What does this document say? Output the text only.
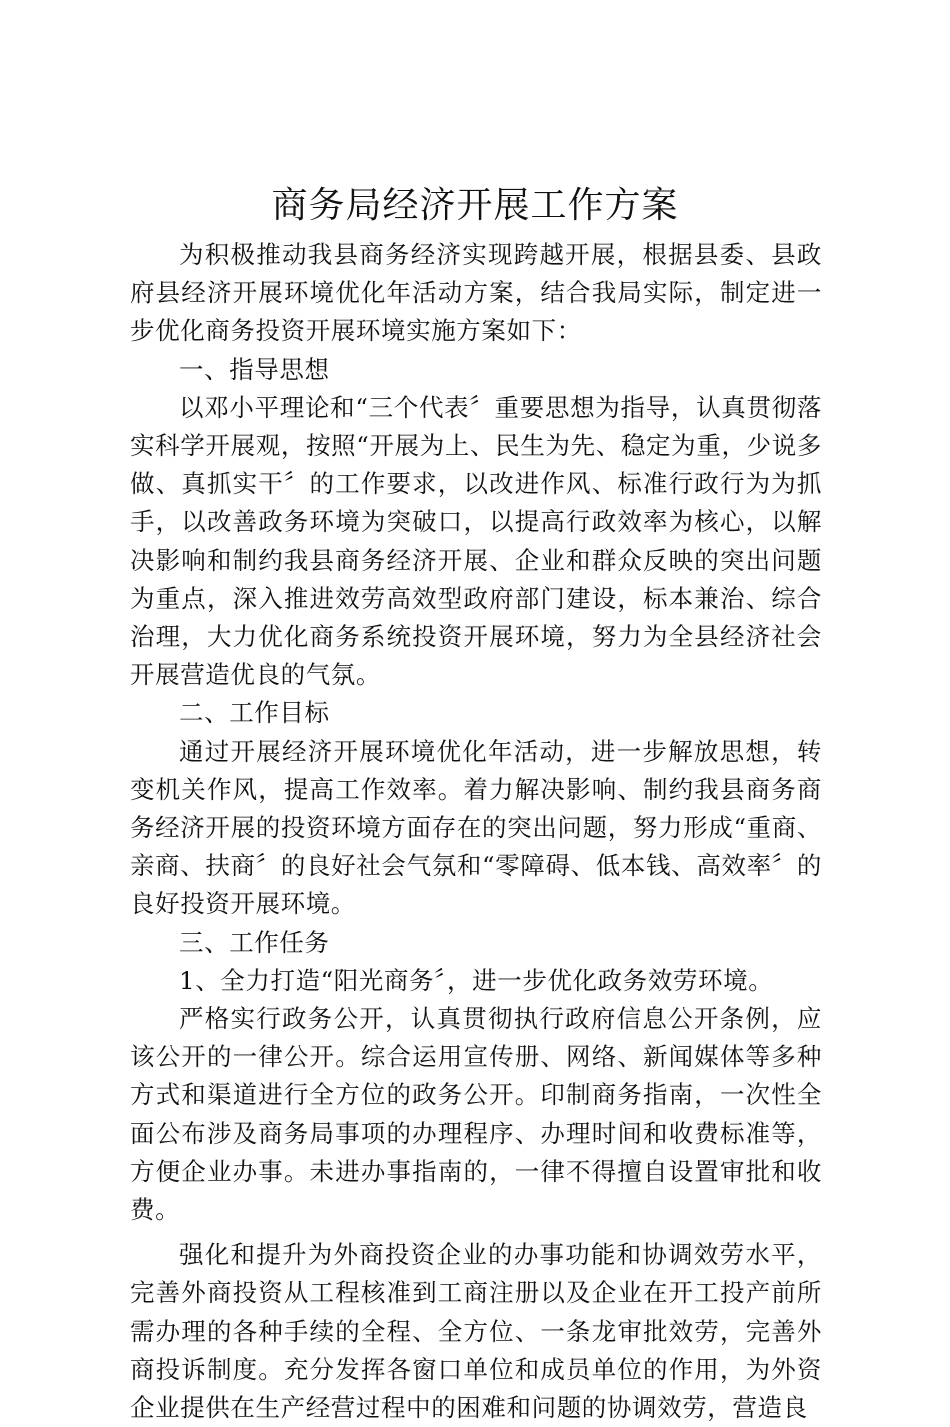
商务局经济开展工作方案

为积极推动我县商务经济实现跨越开展，根据县委、县政府县经济开展环境优化年活动方案，结合我局实际，制定进一步优化商务投资开展环境实施方案如下：

一、指导思想

以邓小平理论和“三个代表〞重要思想为指导，认真贯彻落实科学开展观，按照“开展为上、民生为先、稳定为重，少说多做、真抓实干〞的工作要求，以改进作风、标准行政行为为抓手，以改善政务环境为突破口，以提高行政效率为核心，以解决影响和制约我县商务经济开展、企业和群众反映的突出问题为重点，深入推进效劳高效型政府部门建设，标本兼治、综合治理，大力优化商务系统投资开展环境，努力为全县经济社会开展营造优良的气氛。

二、工作目标

通过开展经济开展环境优化年活动，进一步解放思想，转变机关作风，提高工作效率。着力解决影响、制约我县商务商务经济开展的投资环境方面存在的突出问题，努力形成“重商、亲商、扶商〞的良好社会气氛和“零障碍、低本钱、高效率〞的良好投资开展环境。

三、工作任务

1、全力打造“阳光商务〞，进一步优化政务效劳环境。

严格实行政务公开，认真贯彻执行政府信息公开条例，应该公开的一律公开。综合运用宣传册、网络、新闻媒体等多种方式和渠道进行全方位的政务公开。印制商务指南，一次性全面公布涉及商务局事项的办理程序、办理时间和收费标准等，方便企业办事。未进办事指南的，一律不得擅自设置审批和收费。

强化和提升为外商投资企业的办事功能和协调效劳水平，完善外商投资从工程核准到工商注册以及企业在开工投产前所需办理的各种手续的全程、全方位、一条龙审批效劳，完善外商投诉制度。充分发挥各窗口单位和成员单位的作用，为外资企业提供在生产经营过程中的困难和问题的协调效劳，营造良
